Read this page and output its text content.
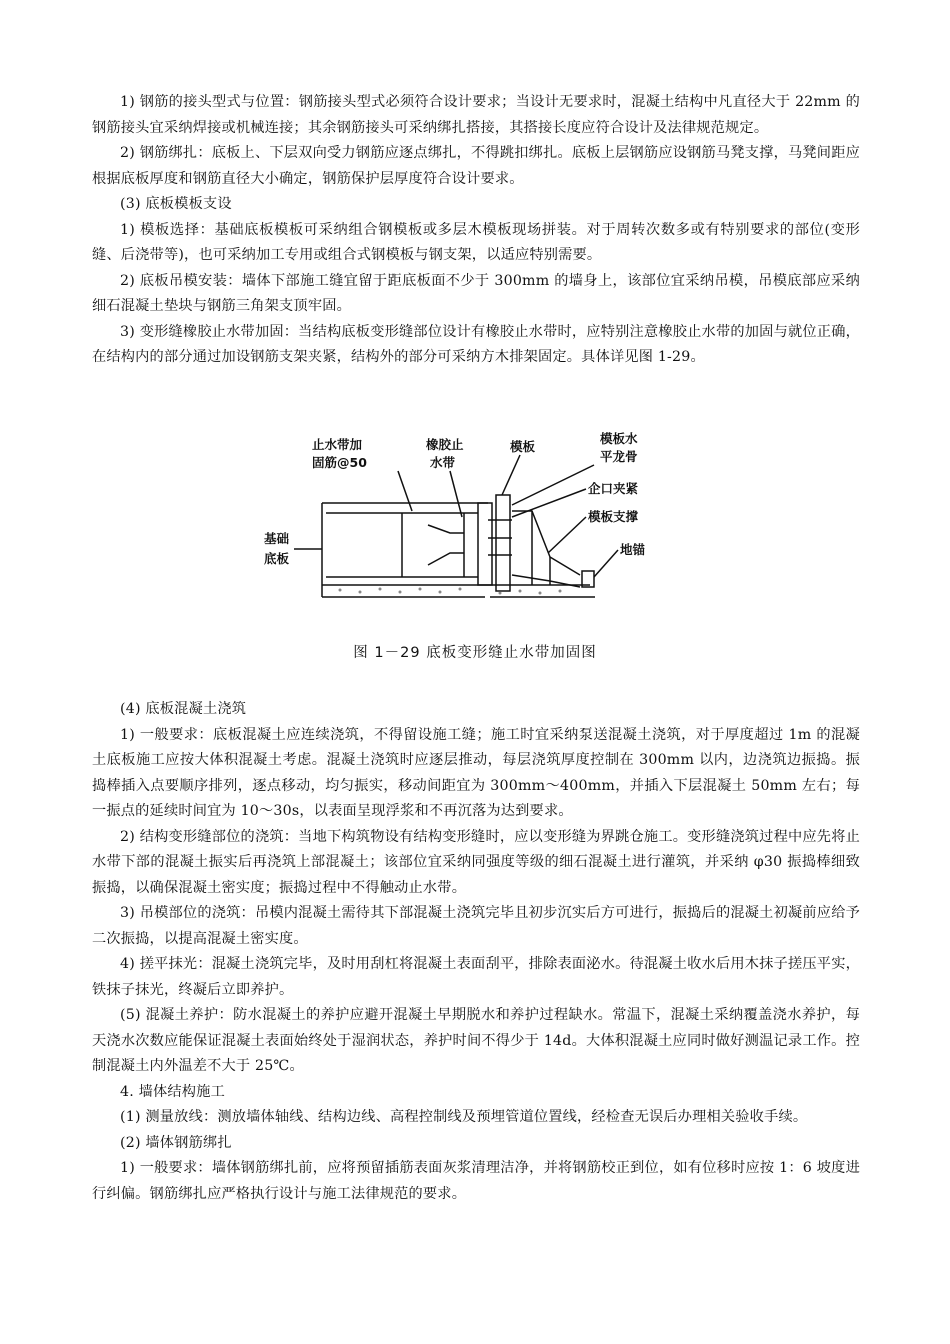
1) 钢筋的接头型式与位置：钢筋接头型式必须符合设计要求；当设计无要求时，混凝土结构中凡直径大于 22mm 的钢筋接头宜采纳焊接或机械连接；其余钢筋接头可采纳绑扎搭接，其搭接长度应符合设计及法律规范规定。

2) 钢筋绑扎：底板上、下层双向受力钢筋应逐点绑扎，不得跳扣绑扎。底板上层钢筋应设钢筋马凳支撑，马凳间距应根据底板厚度和钢筋直径大小确定，钢筋保护层厚度符合设计要求。

(3) 底板模板支设

1) 模板选择：基础底板模板可采纳组合钢模板或多层木模板现场拼装。对于周转次数多或有特别要求的部位(变形缝、后浇带等)，也可采纳加工专用或组合式钢模板与钢支架，以适应特别需要。

2) 底板吊模安装：墙体下部施工缝宜留于距底板面不少于 300mm 的墙身上，该部位宜采纳吊模，吊模底部应采纳细石混凝土垫块与钢筋三角架支顶牢固。

3) 变形缝橡胶止水带加固：当结构底板变形缝部位设计有橡胶止水带时，应特别注意橡胶止水带的加固与就位正确，在结构内的部分通过加设钢筋支架夹紧，结构外的部分可采纳方木排架固定。具体详见图 1-29。

止水带加
固筋@50
橡胶止
水带
模板
模板水
平龙骨
企口夹紧
模板支撑
地锚
基础
底板
图 1－29 底板变形缝止水带加固图

(4) 底板混凝土浇筑

1) 一般要求：底板混凝土应连续浇筑，不得留设施工缝；施工时宜采纳泵送混凝土浇筑，对于厚度超过 1m 的混凝土底板施工应按大体积混凝土考虑。混凝土浇筑时应逐层推动，每层浇筑厚度控制在 300mm 以内，边浇筑边振捣。振捣棒插入点要顺序排列，逐点移动，均匀振实，移动间距宜为 300mm～400mm，并插入下层混凝土 50mm 左右；每一振点的延续时间宜为 10～30s，以表面呈现浮浆和不再沉落为达到要求。

2) 结构变形缝部位的浇筑：当地下构筑物设有结构变形缝时，应以变形缝为界跳仓施工。变形缝浇筑过程中应先将止水带下部的混凝土振实后再浇筑上部混凝土；该部位宜采纳同强度等级的细石混凝土进行灌筑，并采纳 φ30 振捣棒细致振捣，以确保混凝土密实度；振捣过程中不得触动止水带。

3) 吊模部位的浇筑：吊模内混凝土需待其下部混凝土浇筑完毕且初步沉实后方可进行，振捣后的混凝土初凝前应给予二次振捣，以提高混凝土密实度。

4) 搓平抹光：混凝土浇筑完毕，及时用刮杠将混凝土表面刮平，排除表面泌水。待混凝土收水后用木抹子搓压平实，铁抹子抹光，终凝后立即养护。

(5) 混凝土养护：防水混凝土的养护应避开混凝土早期脱水和养护过程缺水。常温下，混凝土采纳覆盖浇水养护，每天浇水次数应能保证混凝土表面始终处于湿润状态，养护时间不得少于 14d。大体积混凝土应同时做好测温记录工作。控制混凝土内外温差不大于 25℃。

4. 墙体结构施工

(1) 测量放线：测放墙体轴线、结构边线、高程控制线及预埋管道位置线，经检查无误后办理相关验收手续。

(2) 墙体钢筋绑扎

1) 一般要求：墙体钢筋绑扎前，应将预留插筋表面灰浆清理洁净，并将钢筋校正到位，如有位移时应按 1：6 坡度进行纠偏。钢筋绑扎应严格执行设计与施工法律规范的要求。
